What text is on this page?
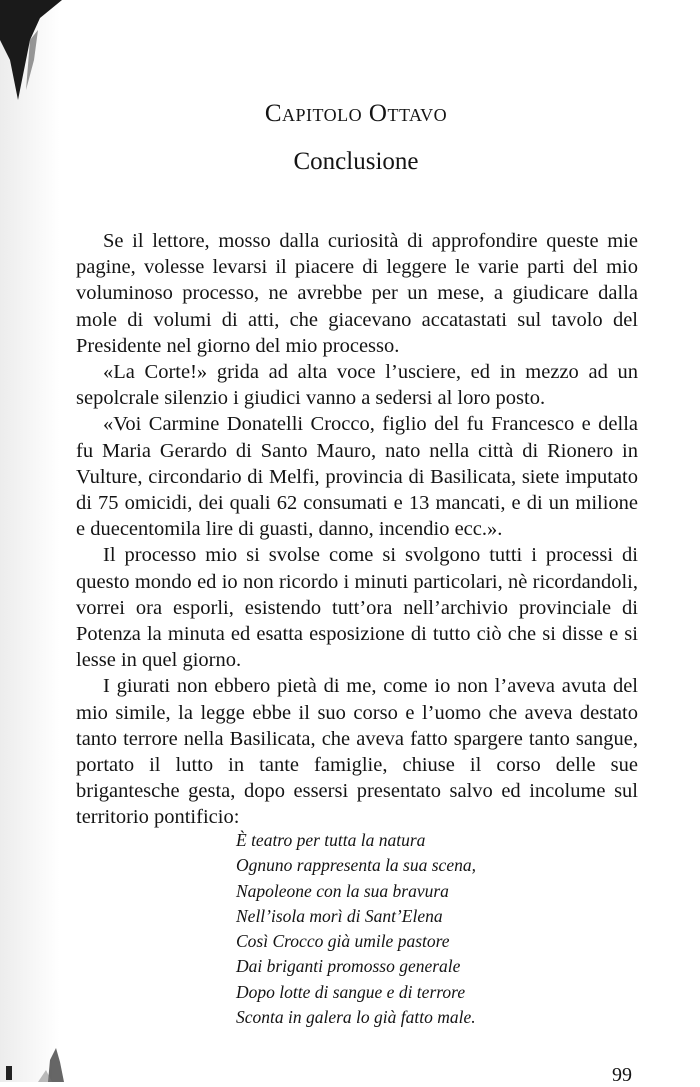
Capitolo Ottavo
Conclusione

Se il lettore, mosso dalla curiosità di approfondire queste mie pagine, volesse levarsi il piacere di leggere le varie parti del mio voluminoso processo, ne avrebbe per un mese, a giudicare dalla mole di volumi di atti, che giacevano accatastati sul tavolo del Presidente nel giorno del mio processo.

«La Corte!» grida ad alta voce l’usciere, ed in mezzo ad un sepolcrale silenzio i giudici vanno a sedersi al loro posto.

«Voi Carmine Donatelli Crocco, figlio del fu Francesco e della fu Maria Gerardo di Santo Mauro, nato nella città di Rionero in Vulture, circondario di Melfi, provincia di Basilicata, siete imputato di 75 omicidi, dei quali 62 consumati e 13 mancati, e di un milione e duecentomila lire di guasti, danno, incendio ecc.».

Il processo mio si svolse come si svolgono tutti i processi di questo mondo ed io non ricordo i minuti particolari, nè ricordandoli, vorrei ora esporli, esistendo tutt’ora nell’archivio provinciale di Potenza la minuta ed esatta esposizione di tutto ciò che si disse e si lesse in quel giorno.

I giurati non ebbero pietà di me, come io non l’aveva avuta del mio simile, la legge ebbe il suo corso e l’uomo che aveva destato tanto terrore nella Basilicata, che aveva fatto spargere tanto sangue, portato il lutto in tante famiglie, chiuse il corso delle sue brigantesche gesta, dopo essersi presentato salvo ed incolume sul territorio pontificio:

È teatro per tutta la natura
Ognuno rappresenta la sua scena,
Napoleone con la sua bravura
Nell’isola morì di Sant’Elena
Così Crocco già umile pastore
Dai briganti promosso generale
Dopo lotte di sangue e di terrore
Sconta in galera lo già fatto male.
99
